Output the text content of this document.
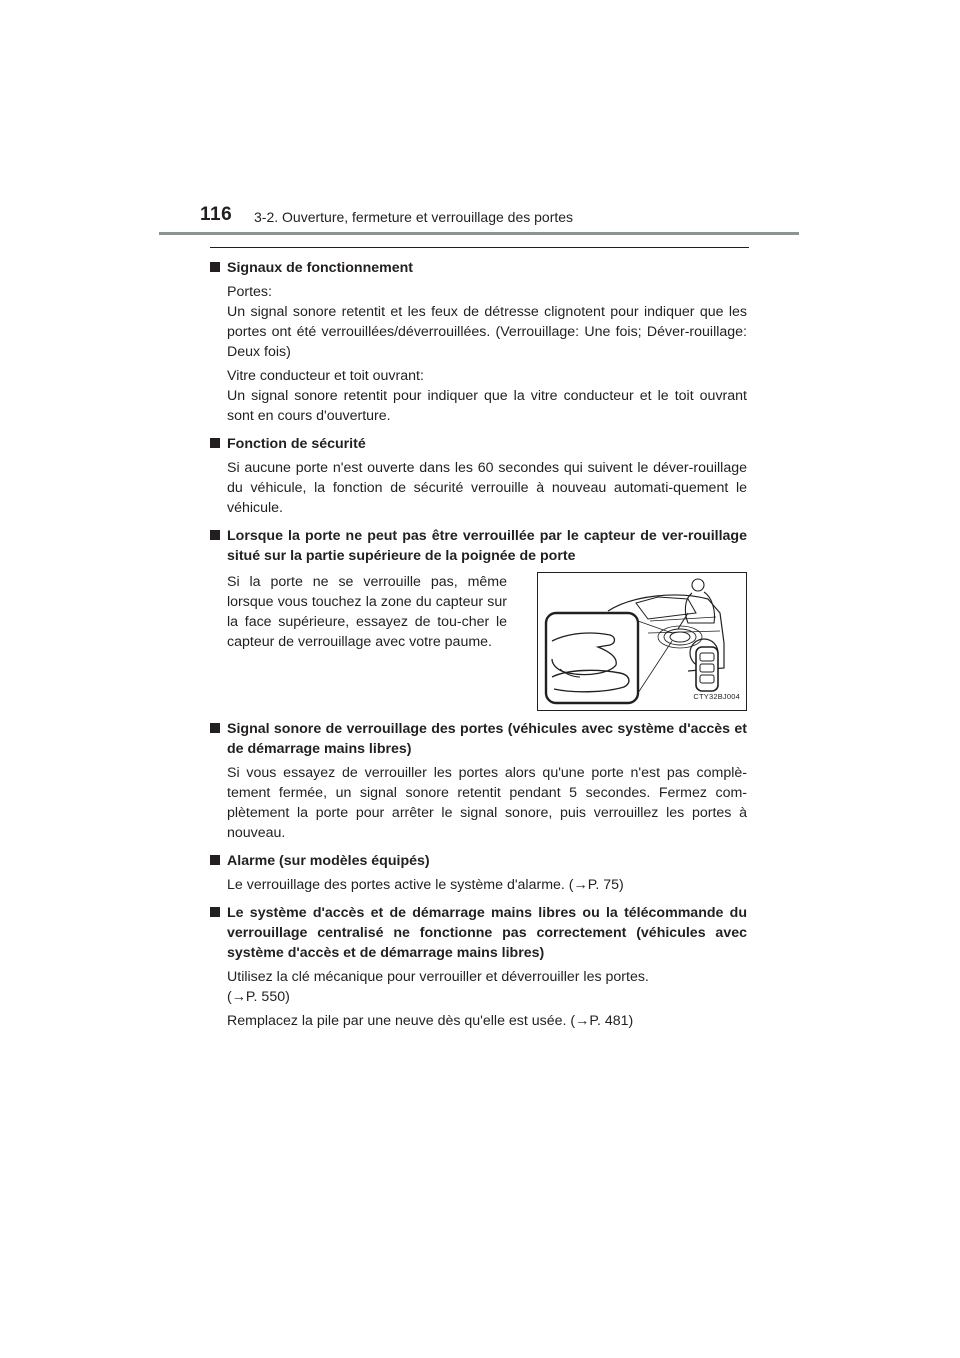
116 3-2. Ouverture, fermeture et verrouillage des portes
Signaux de fonctionnement
Portes:
Un signal sonore retentit et les feux de détresse clignotent pour indiquer que les portes ont été verrouillées/déverrouillées. (Verrouillage: Une fois; Déver-rouillage: Deux fois)
Vitre conducteur et toit ouvrant:
Un signal sonore retentit pour indiquer que la vitre conducteur et le toit ouvrant sont en cours d'ouverture.
Fonction de sécurité
Si aucune porte n'est ouverte dans les 60 secondes qui suivent le déver-rouillage du véhicule, la fonction de sécurité verrouille à nouveau automati-quement le véhicule.
Lorsque la porte ne peut pas être verrouillée par le capteur de ver-rouillage situé sur la partie supérieure de la poignée de porte
Si la porte ne se verrouille pas, même lorsque vous touchez la zone du capteur sur la face supérieure, essayez de tou-cher le capteur de verrouillage avec votre paume.
CTY32BJ004
Signal sonore de verrouillage des portes (véhicules avec système d'accès et de démarrage mains libres)
Si vous essayez de verrouiller les portes alors qu'une porte n'est pas complè-tement fermée, un signal sonore retentit pendant 5 secondes. Fermez com-plètement la porte pour arrêter le signal sonore, puis verrouillez les portes à nouveau.
Alarme (sur modèles équipés)
Le verrouillage des portes active le système d'alarme. (→P. 75)
Le système d'accès et de démarrage mains libres ou la télécommande du verrouillage centralisé ne fonctionne pas correctement (véhicules avec système d'accès et de démarrage mains libres)
Utilisez la clé mécanique pour verrouiller et déverrouiller les portes.
(→P. 550)
Remplacez la pile par une neuve dès qu'elle est usée. (→P. 481)
